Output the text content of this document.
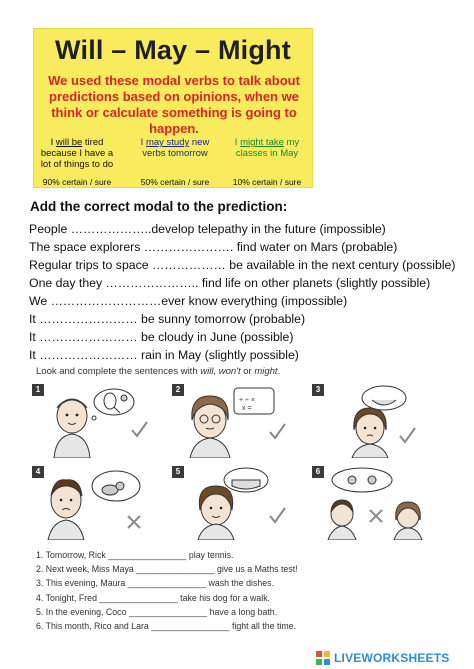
Will – May – Might
We used these modal verbs to talk about predictions based on opinions, when we think or calculate something is going to happen.
I will be tired because I have a lot of things to do
90% certain / sure
I may study new verbs tomorrow
50% certain / sure
I might take my classes in May
10% certain / sure
Add the correct modal to the prediction:
People ………………..develop telepathy in the future (impossible)
The space explorers …………………. find water on Mars (probable)
Regular trips to space ……………… be available in the next century (possible)
One day they ………………….. find life on other planets (slightly possible)
We ………………………ever know everything (impossible)
It …………………… be sunny tomorrow (probable)
It …………………… be cloudy in June (possible)
It …………………… rain in May (slightly possible)
Look and complete the sentences with will, won't or might.
1
+ ÷ ×
x =
2	3
4	5	6
1. Tomorrow, Rick ________________ play tennis.
2. Next week, Miss Maya ________________ give us a Maths test!
3. This evening, Maura ________________ wash the dishes.
4. Tonight, Fred ________________ take his dog for a walk.
5. In the evening, Coco ________________ have a long bath.
6. This month, Rico and Lara ________________ fight all the time.
LIVEWORKSHEETS
